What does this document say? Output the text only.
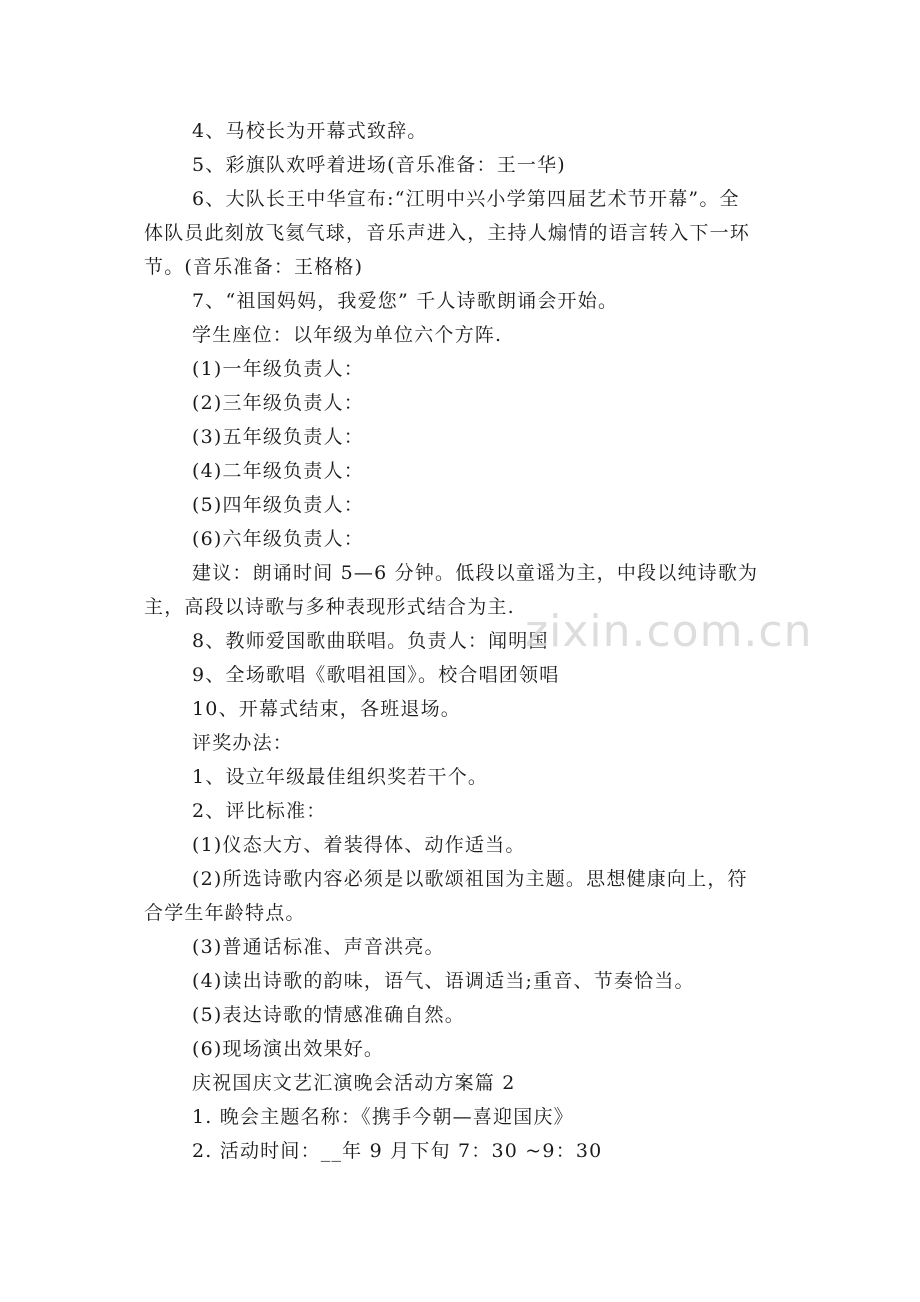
4、马校长为开幕式致辞。
5、彩旗队欢呼着进场(音乐准备：王一华)
6、大队长王中华宣布:“江明中兴小学第四届艺术节开幕”。全
体队员此刻放飞氦气球，音乐声进入，主持人煽情的语言转入下一环
节。(音乐准备：王格格)
7、“祖国妈妈，我爱您” 千人诗歌朗诵会开始。
学生座位：以年级为单位六个方阵.
(1)一年级负责人：
(2)三年级负责人：
(3)五年级负责人：
(4)二年级负责人：
(5)四年级负责人：
(6)六年级负责人：
建议：朗诵时间 5—6 分钟。低段以童谣为主，中段以纯诗歌为
主，高段以诗歌与多种表现形式结合为主.
8、教师爱国歌曲联唱。负责人：闻明国
9、全场歌唱《歌唱祖国》。校合唱团领唱
10、开幕式结束，各班退场。
评奖办法：
1、设立年级最佳组织奖若干个。
2、评比标准：
(1)仪态大方、着装得体、动作适当。
(2)所选诗歌内容必须是以歌颂祖国为主题。思想健康向上，符
合学生年龄特点。
(3)普通话标准、声音洪亮。
(4)读出诗歌的韵味，语气、语调适当;重音、节奏恰当。
(5)表达诗歌的情感准确自然。
(6)现场演出效果好。
庆祝国庆文艺汇演晚会活动方案篇 2
1. 晚会主题名称：《携手今朝—喜迎国庆》
2. 活动时间：__年 9 月下旬 7：30 ~9：30
zixin.com.cn
